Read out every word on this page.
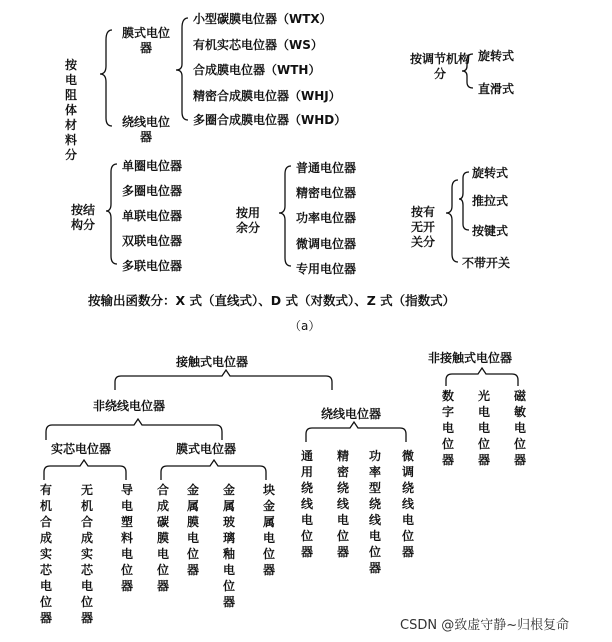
按电阻体材料分
膜式电位器
绕线电位器
小型碳膜电位器（WTX）
有机实芯电位器（WS）
合成膜电位器（WTH）
精密合成膜电位器（WHJ）
多圈合成膜电位器（WHD）
按调节机构分
旋转式
直滑式
按结构分
单圈电位器
多圈电位器
单联电位器
双联电位器
多联电位器
按用余分
普通电位器
精密电位器
功率电位器
微调电位器
专用电位器
按有无开关分
旋转式
推拉式
按键式
不带开关
按输出函数分：X 式（直线式）、D 式（对数式）、Z 式（指数式）
（a）
接触式电位器
非绕线电位器
绕线电位器
实芯电位器	膜式电位器
非接触式电位器
有机合成实芯电位器
无机合成实芯电位器
导电塑料电位器
合成碳膜电位器
金属膜电位器
金属玻璃釉电位器
块金属电位器
通用绕线电位器
精密绕线电位器
功率型绕线电位器
微调绕线电位器
数字电位器
光电电位器
磁敏电位器
CSDN @致虚守静~归根复命
